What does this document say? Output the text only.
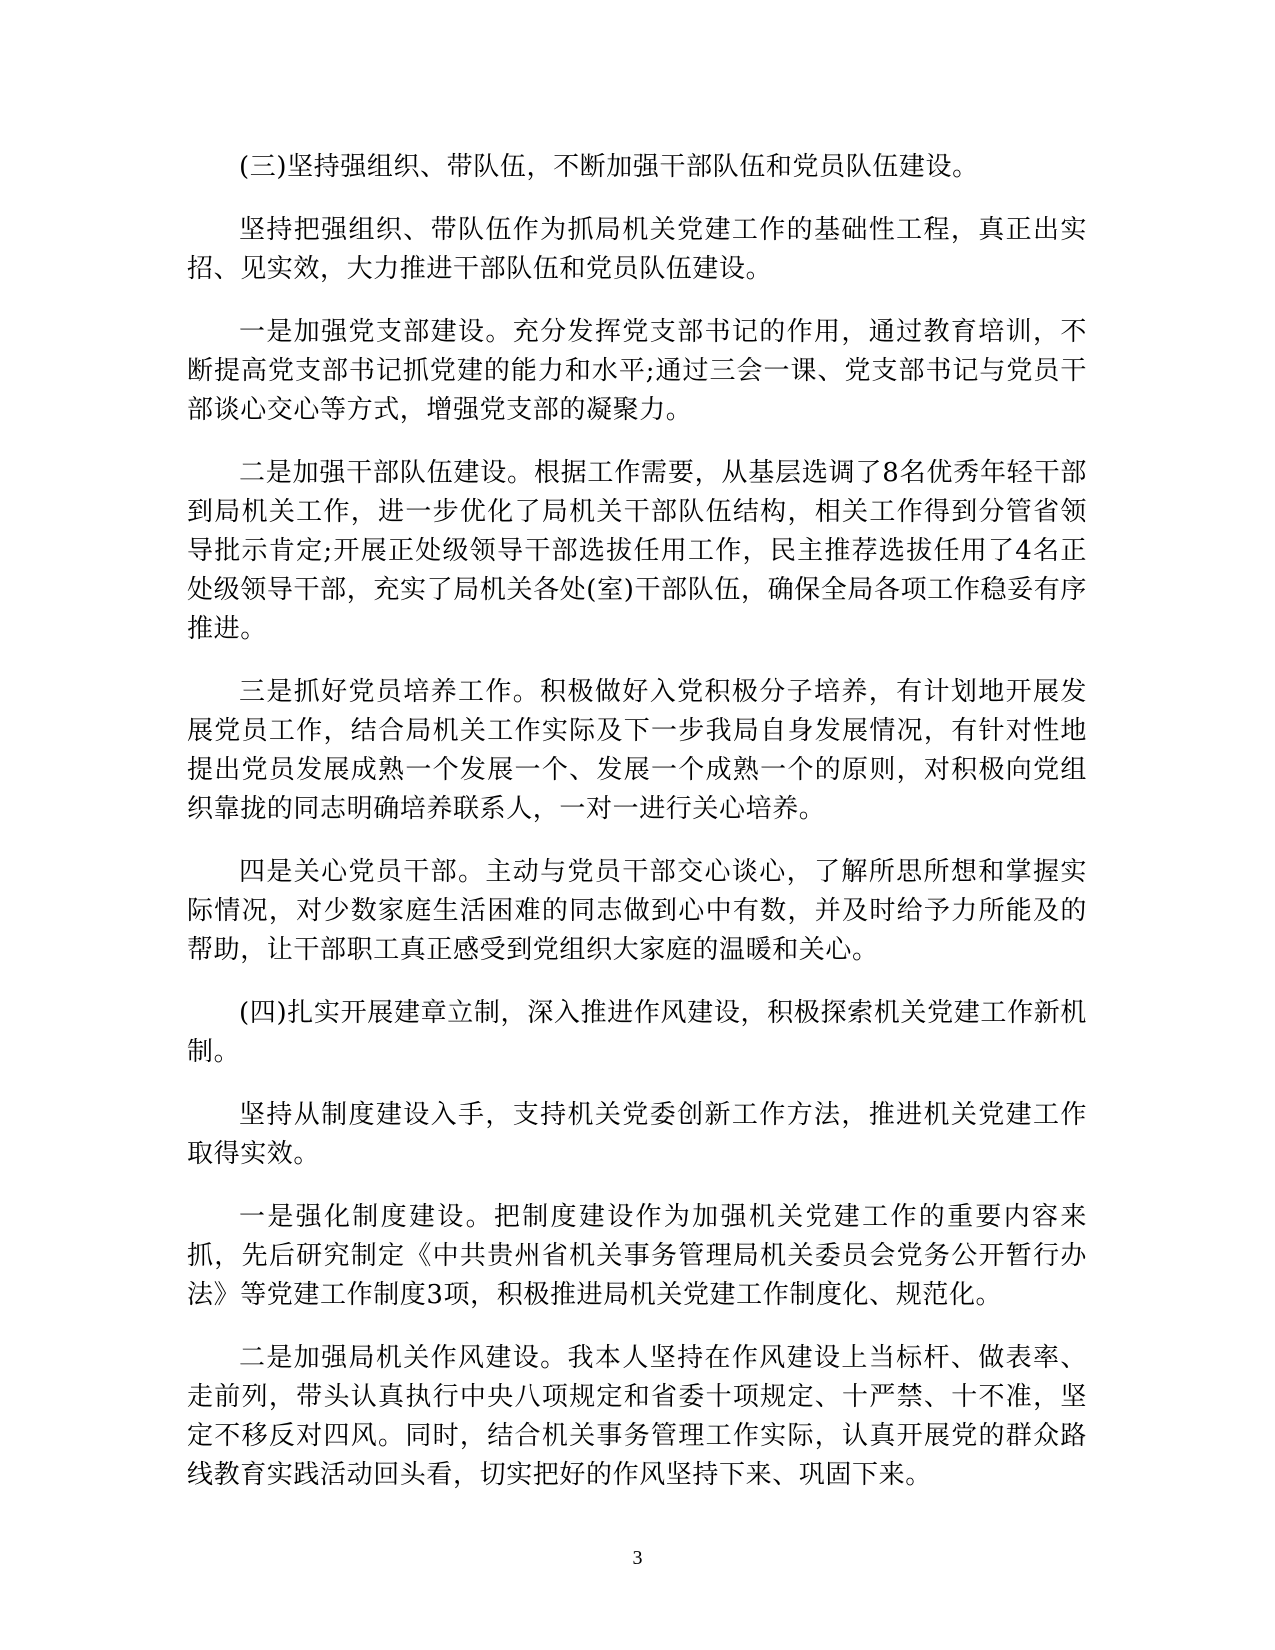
(三)坚持强组织、带队伍，不断加强干部队伍和党员队伍建设。

坚持把强组织、带队伍作为抓局机关党建工作的基础性工程，真正出实招、见实效，大力推进干部队伍和党员队伍建设。

一是加强党支部建设。充分发挥党支部书记的作用，通过教育培训，不断提高党支部书记抓党建的能力和水平;通过三会一课、党支部书记与党员干部谈心交心等方式，增强党支部的凝聚力。

二是加强干部队伍建设。根据工作需要，从基层选调了8名优秀年轻干部到局机关工作，进一步优化了局机关干部队伍结构，相关工作得到分管省领导批示肯定;开展正处级领导干部选拔任用工作，民主推荐选拔任用了4名正处级领导干部，充实了局机关各处(室)干部队伍，确保全局各项工作稳妥有序推进。

三是抓好党员培养工作。积极做好入党积极分子培养，有计划地开展发展党员工作，结合局机关工作实际及下一步我局自身发展情况，有针对性地提出党员发展成熟一个发展一个、发展一个成熟一个的原则，对积极向党组织靠拢的同志明确培养联系人，一对一进行关心培养。

四是关心党员干部。主动与党员干部交心谈心，了解所思所想和掌握实际情况，对少数家庭生活困难的同志做到心中有数，并及时给予力所能及的帮助，让干部职工真正感受到党组织大家庭的温暖和关心。

(四)扎实开展建章立制，深入推进作风建设，积极探索机关党建工作新机制。

坚持从制度建设入手，支持机关党委创新工作方法，推进机关党建工作取得实效。

一是强化制度建设。把制度建设作为加强机关党建工作的重要内容来抓，先后研究制定《中共贵州省机关事务管理局机关委员会党务公开暂行办法》等党建工作制度3项，积极推进局机关党建工作制度化、规范化。

二是加强局机关作风建设。我本人坚持在作风建设上当标杆、做表率、走前列，带头认真执行中央八项规定和省委十项规定、十严禁、十不准，坚定不移反对四风。同时，结合机关事务管理工作实际，认真开展党的群众路线教育实践活动回头看，切实把好的作风坚持下来、巩固下来。

3
